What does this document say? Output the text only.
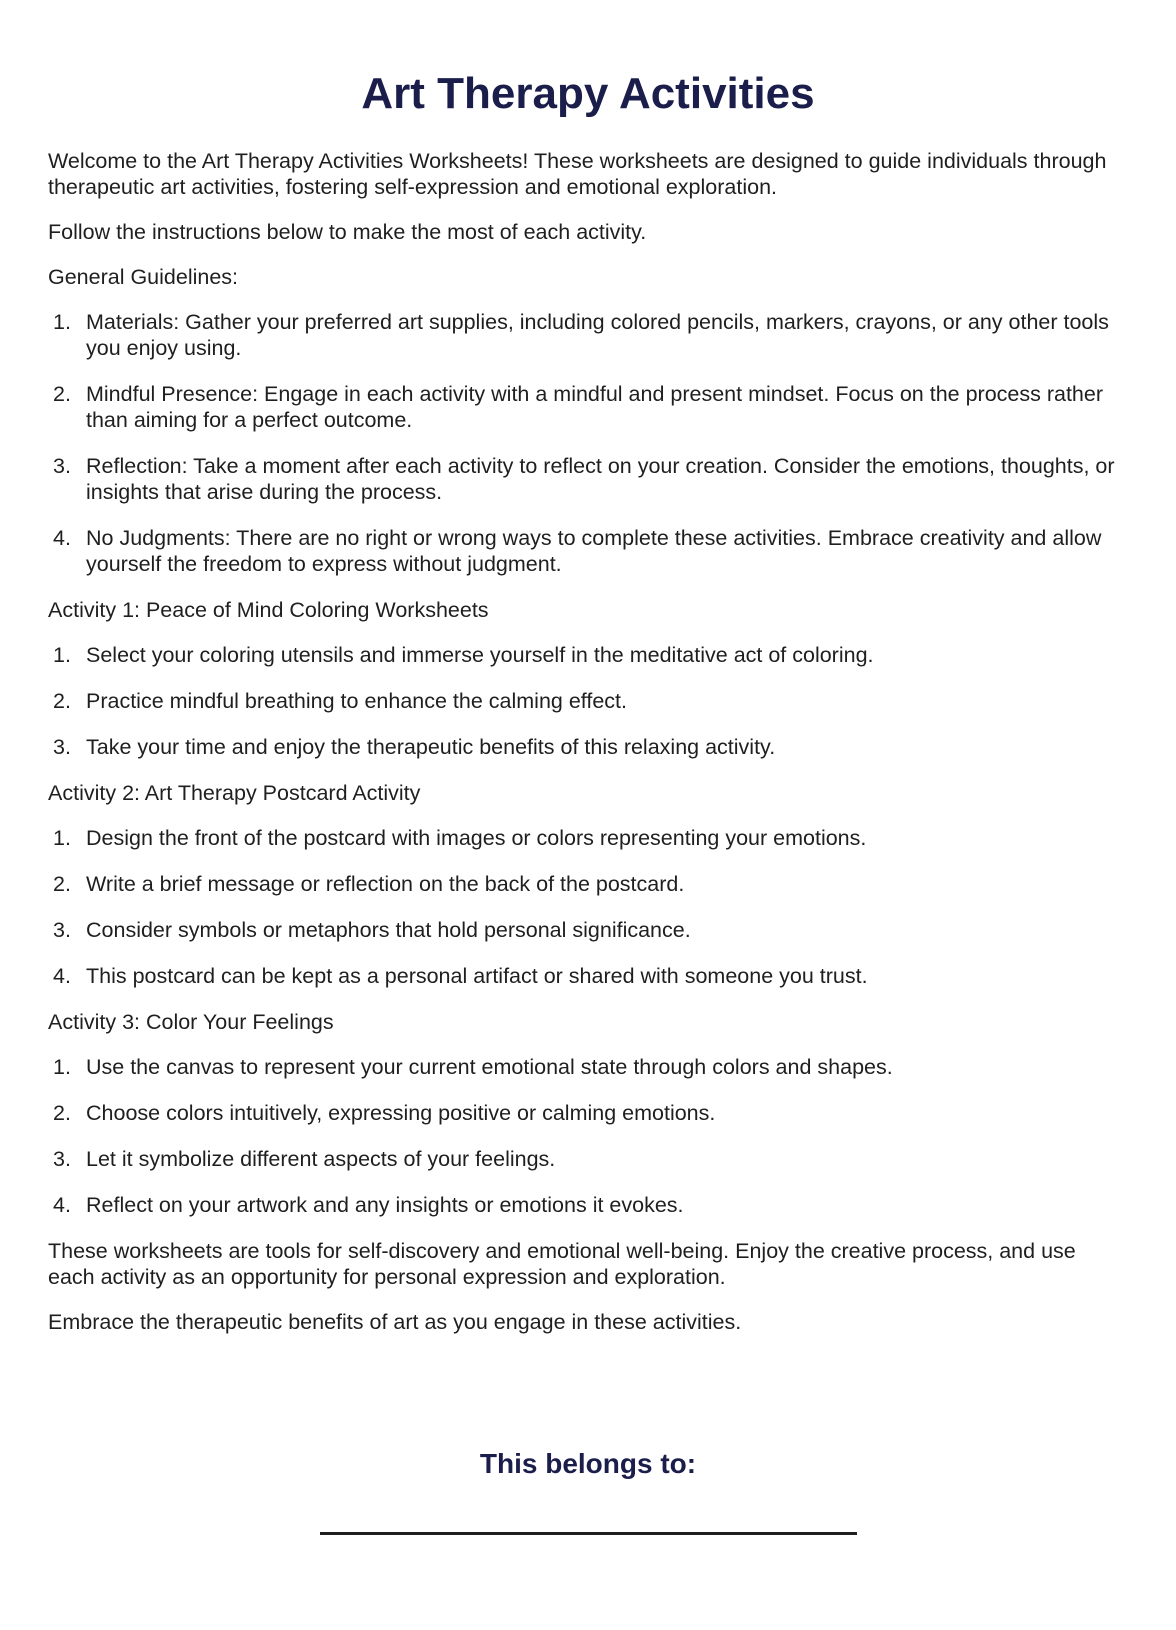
Art Therapy Activities

Welcome to the Art Therapy Activities Worksheets! These worksheets are designed to guide individuals through therapeutic art activities, fostering self-expression and emotional exploration.

Follow the instructions below to make the most of each activity.

General Guidelines:

1. Materials: Gather your preferred art supplies, including colored pencils, markers, crayons, or any other tools you enjoy using.
2. Mindful Presence: Engage in each activity with a mindful and present mindset. Focus on the process rather than aiming for a perfect outcome.
3. Reflection: Take a moment after each activity to reflect on your creation. Consider the emotions, thoughts, or insights that arise during the process.
4. No Judgments: There are no right or wrong ways to complete these activities. Embrace creativity and allow yourself the freedom to express without judgment.

Activity 1: Peace of Mind Coloring Worksheets

1. Select your coloring utensils and immerse yourself in the meditative act of coloring.
2. Practice mindful breathing to enhance the calming effect.
3. Take your time and enjoy the therapeutic benefits of this relaxing activity.

Activity 2: Art Therapy Postcard Activity

1. Design the front of the postcard with images or colors representing your emotions.
2. Write a brief message or reflection on the back of the postcard.
3. Consider symbols or metaphors that hold personal significance.
4. This postcard can be kept as a personal artifact or shared with someone you trust.

Activity 3: Color Your Feelings

1. Use the canvas to represent your current emotional state through colors and shapes.
2. Choose colors intuitively, expressing positive or calming emotions.
3. Let it symbolize different aspects of your feelings.
4. Reflect on your artwork and any insights or emotions it evokes.

These worksheets are tools for self-discovery and emotional well-being. Enjoy the creative process, and use each activity as an opportunity for personal expression and exploration.

Embrace the therapeutic benefits of art as you engage in these activities.

This belongs to:
